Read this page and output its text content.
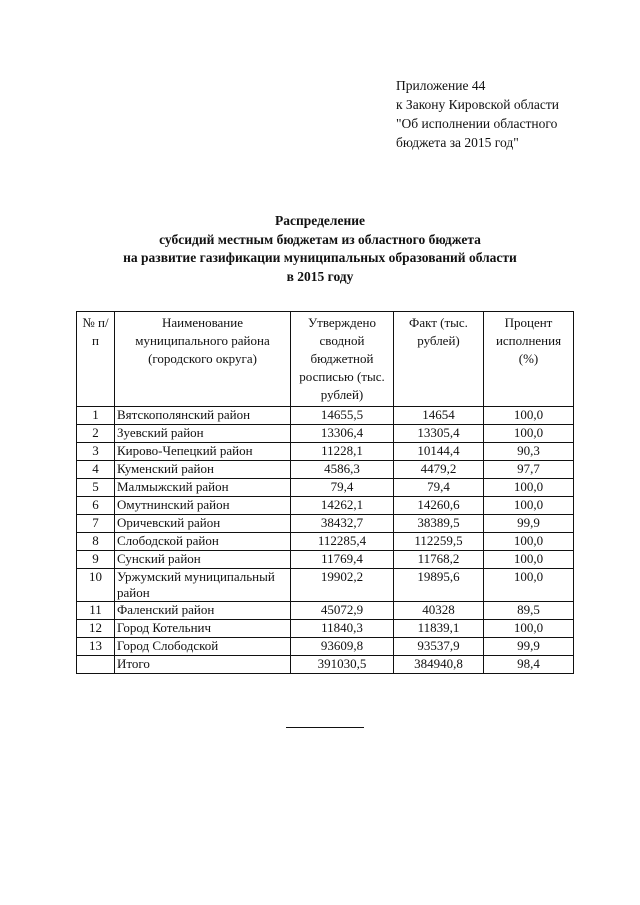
Приложение 44
к Закону Кировской области
"Об исполнении областного
бюджета за 2015 год"
Распределение
субсидий местным бюджетам из областного бюджета
на развитие газификации муниципальных образований области
в 2015 году
№ п/п	Наименование муниципального района (городского округа)	Утверждено сводной бюджетной росписью (тыс. рублей)	Факт (тыс. рублей)	Процент исполнения (%)
1	Вятскополянский район	14655,5	14654	100,0
2	Зуевский район	13306,4	13305,4	100,0
3	Кирово-Чепецкий район	11228,1	10144,4	90,3
4	Куменский район	4586,3	4479,2	97,7
5	Малмыжский район	79,4	79,4	100,0
6	Омутнинский район	14262,1	14260,6	100,0
7	Оричевский район	38432,7	38389,5	99,9
8	Слободской район	112285,4	112259,5	100,0
9	Сунский район	11769,4	11768,2	100,0
10	Уржумский муниципальный район	19902,2	19895,6	100,0
11	Фаленский район	45072,9	40328	89,5
12	Город Котельнич	11840,3	11839,1	100,0
13	Город Слободской	93609,8	93537,9	99,9
	Итого	391030,5	384940,8	98,4
